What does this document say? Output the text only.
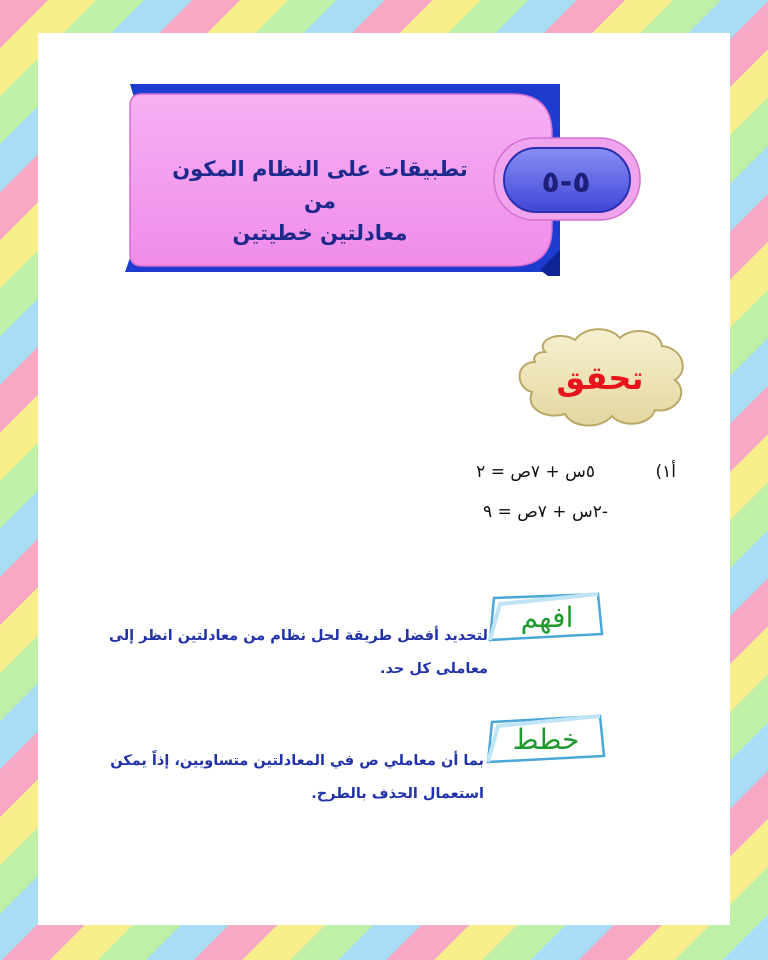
تطبيقات على النظام المكون من
معادلتين خطيتين
٥-٥
تحقق
أ١)
٥س + ٧ص = ٢
-٢س + ٧ص = ٩
افهم
لتحديد أفضل طريقة لحل نظام من معادلتين انظر إلى
معاملى كل حد.
خطط
بما أن معاملي ص في المعادلتين متساويين، إذاً يمكن
استعمال الحذف بالطرح.
